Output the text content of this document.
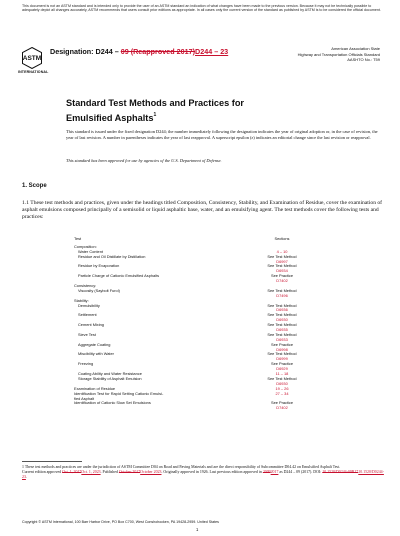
This document is not an ASTM standard and is intended only to provide the user of an ASTM standard an indication of what changes have been made to the previous version. Because it may not be technically possible to adequately depict all changes accurately, ASTM recommends that users consult prior editions as appropriate. In all cases only the current version of the standard as published by ASTM is to be considered the official document.
ASTM
INTERNATIONAL
Designation: D244 – 09 (Reapproved 2017)D244 – 23	American Association State
Highway and Transportation Officials Standard
AASHTO No.: T59
Standard Test Methods and Practices for
Emulsified Asphalts$^1$
This standard is issued under the fixed designation D244; the number immediately following the designation indicates the year of original adoption or, in the case of revision, the year of last revision. A number in parentheses indicates the year of last reapproval. A superscript epsilon (ε) indicates an editorial change since the last revision or reapproval.
This standard has been approved for use by agencies of the U.S. Department of Defense.
1. Scope
1.1 These test methods and practices, given under the headings titled Composition, Consistency, Stability, and Examination of Residue, cover the examination of asphalt emulsions composed principally of a semisolid or liquid asphaltic base, water, and an emulsifying agent. The test methods cover the following tests and practices:
Test	Sections
Composition:
Water Content	4 – 10
Residue and Oil Distillate by Distillation	See Test Method
D6997
Residue by Evaporation	See Test Method
D6934
Particle Charge of Cationic Emulsified Asphalts	See Practice
D7402
Consistency:
Viscosity (Saybolt Furol)	See Test Method
D7496
Stability:
Demulsibility	See Test Method
D6936
Settlement	See Test Method
D6930
Cement Mixing	See Test Method
D6935
Sieve Test	See Test Method
D6933
Aggregate Coating	See Practice
D6998
Miscibility with Water	See Test Method
D6999
Freezing	See Practice
D6929
Coating Ability and Water Resistance	11 – 18
Storage Stability of Asphalt Emulsion	See Test Method
D6930
Examination of Residue	19 – 26
Identification Test for Rapid Setting Cationic Emulsi-	27 – 34
fied Asphalt
Identification of Cationic Slow Set Emulsions	See Practice
D7402
1 These test methods and practices are under the jurisdiction of ASTM Committee D04 on Road and Paving Materials and are the direct responsibility of Subcommittee D04.42 on Emulsified Asphalt Test.
Current edition approved Oct. 1, 2017Oct. 1, 2023. Published October 2017October 2023. Originally approved in 1926. Last previous edition approved in 20092017 as D244 – 09 (2017). DOI: 10.1520/D0244-09R1710.1520/D0244-23.
Copyright © ASTM International, 100 Barr Harbor Drive, PO Box C700, West Conshohocken, PA 19428-2959. United States
1
